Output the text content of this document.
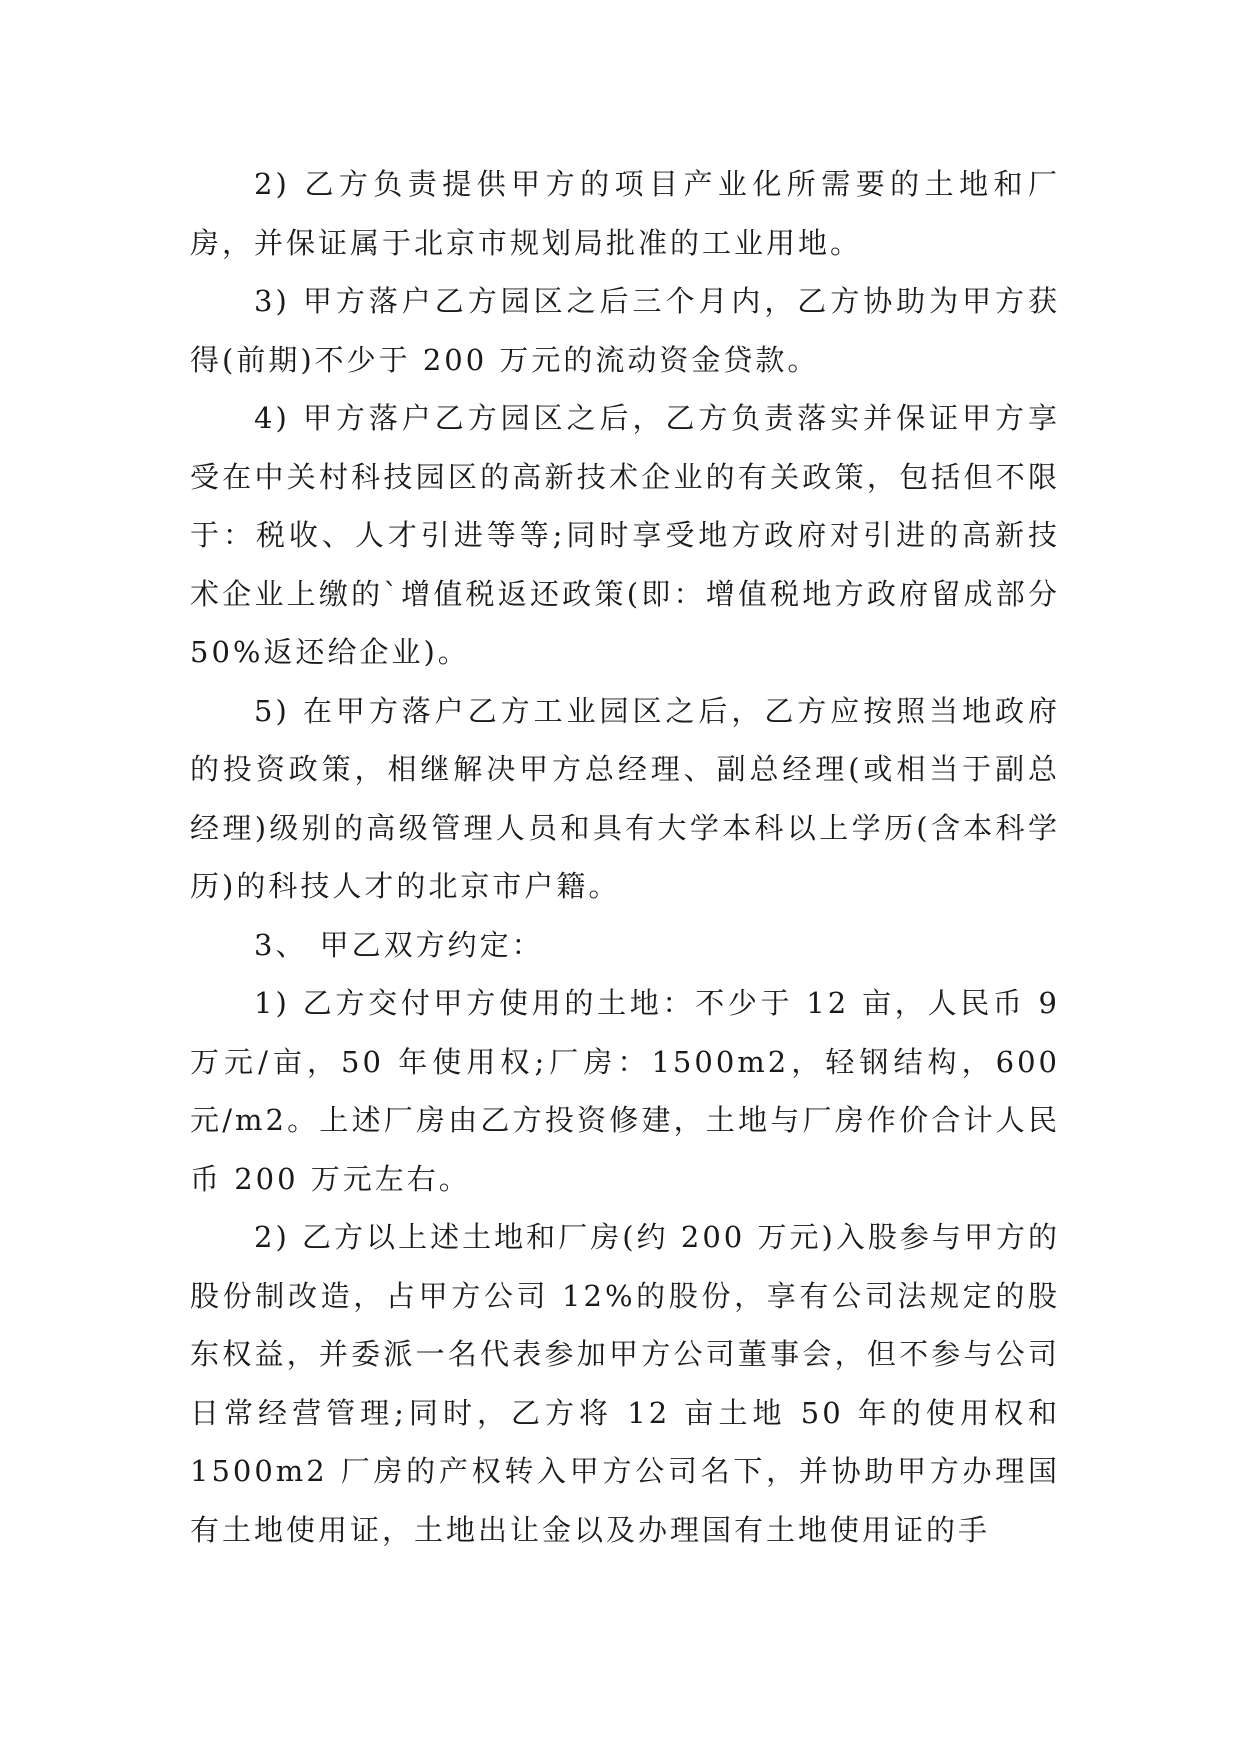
2) 乙方负责提供甲方的项目产业化所需要的土地和厂房，并保证属于北京市规划局批准的工业用地。

3) 甲方落户乙方园区之后三个月内，乙方协助为甲方获得(前期)不少于 200 万元的流动资金贷款。

4) 甲方落户乙方园区之后，乙方负责落实并保证甲方享受在中关村科技园区的高新技术企业的有关政策，包括但不限于：税收、人才引进等等;同时享受地方政府对引进的高新技术企业上缴的`增值税返还政策(即：增值税地方政府留成部分 50%返还给企业)。

5) 在甲方落户乙方工业园区之后，乙方应按照当地政府的投资政策，相继解决甲方总经理、副总经理(或相当于副总经理)级别的高级管理人员和具有大学本科以上学历(含本科学历)的科技人才的北京市户籍。

3、 甲乙双方约定：

1) 乙方交付甲方使用的土地：不少于 12 亩，人民币 9 万元/亩，50 年使用权;厂房：1500m2，轻钢结构，600 元/m2。上述厂房由乙方投资修建，土地与厂房作价合计人民币 200 万元左右。

2) 乙方以上述土地和厂房(约 200 万元)入股参与甲方的股份制改造，占甲方公司 12%的股份，享有公司法规定的股东权益，并委派一名代表参加甲方公司董事会，但不参与公司日常经营管理;同时，乙方将 12 亩土地 50 年的使用权和 1500m2 厂房的产权转入甲方公司名下，并协助甲方办理国有土地使用证，土地出让金以及办理国有土地使用证的手
